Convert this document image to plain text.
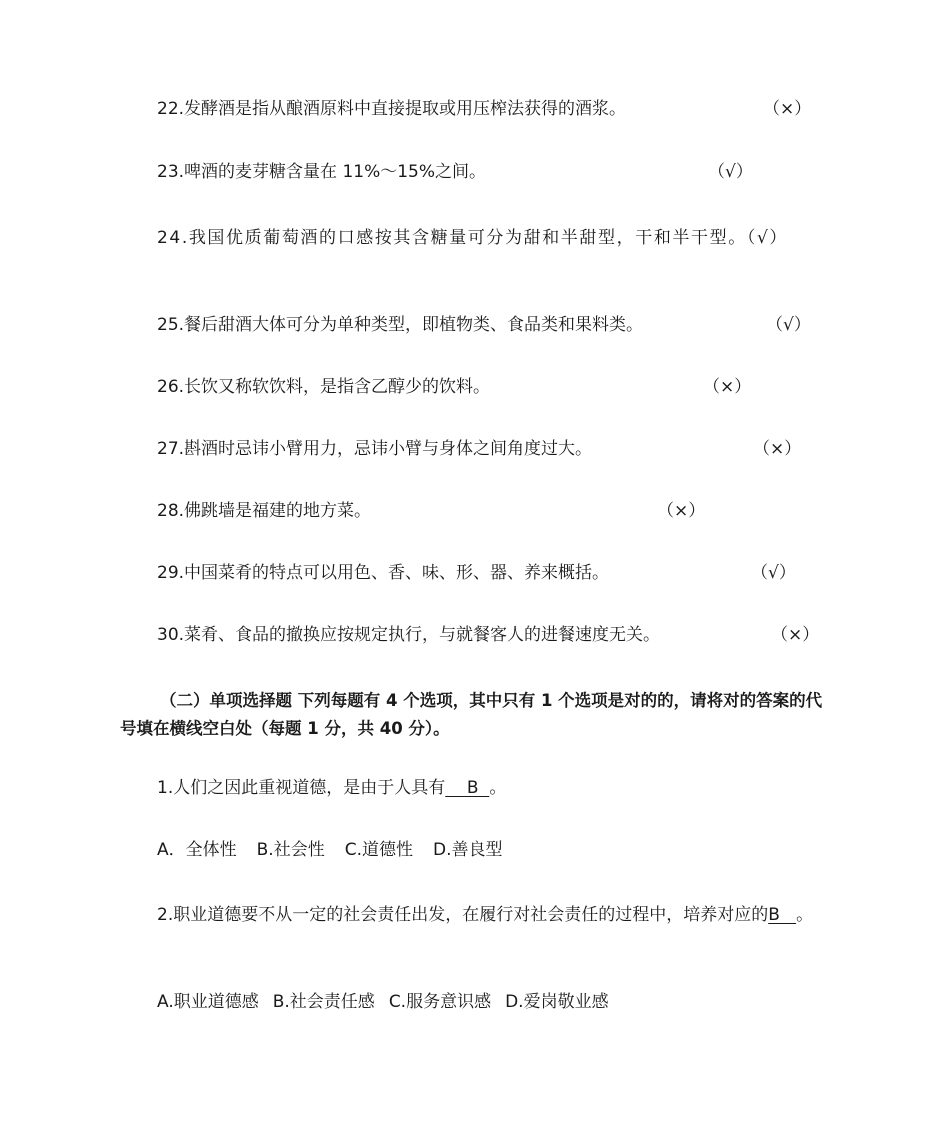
22.发酵酒是指从酿酒原料中直接提取或用压榨法获得的酒浆。	（×）
23.啤酒的麦芽糖含量在 11%～15%之间。	（√）
24.我国优质葡萄酒的口感按其含糖量可分为甜和半甜型，干和半干型。（√）
25.餐后甜酒大体可分为单种类型，即植物类、食品类和果料类。	（√）
26.长饮又称软饮料，是指含乙醇少的饮料。	（×）
27.斟酒时忌讳小臂用力，忌讳小臂与身体之间角度过大。	（×）
28.佛跳墙是福建的地方菜。	（×）
29.中国菜肴的特点可以用色、香、味、形、器、养来概括。	（√）
30.菜肴、食品的撤换应按规定执行，与就餐客人的进餐速度无关。	（×）
（二）单项选择题 下列每题有 4 个选项，其中只有 1 个选项是对的的，请将对的答案的代号填在横线空白处（每题 1 分，共 40 分）。
1.人们之因此重视道德，是由于人具有    B  。
A．全体性 B.社会性 C.道德性 D.善良型
2.职业道德要不从一定的社会责任出发，在履行对社会责任的过程中，培养对应的B   。
A.职业道德感 B.社会责任感 C.服务意识感 D.爱岗敬业感
